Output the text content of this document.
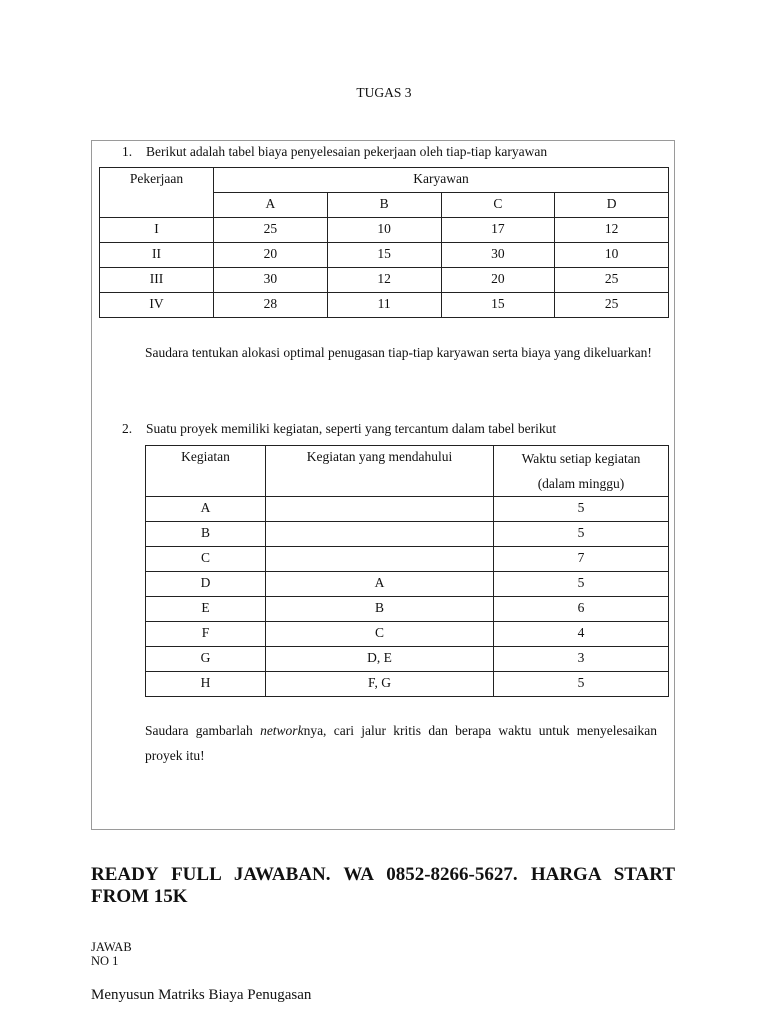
TUGAS 3
1. Berikut adalah tabel biaya penyelesaian pekerjaan oleh tiap-tiap karyawan
Pekerjaan	Karyawan			
	A	B	C	D
I	25	10	17	12
II	20	15	30	10
III	30	12	20	25
IV	28	11	15	25

Saudara tentukan alokasi optimal penugasan tiap-tiap karyawan serta biaya yang dikeluarkan!

2. Suatu proyek memiliki kegiatan, seperti yang tercantum dalam tabel berikut
Kegiatan	Kegiatan yang mendahului	Waktu setiap kegiatan
(dalam minggu)

A		5
B		5
C		7
D	A	5
E	B	6
F	C	4
G	D, E	3
H	F, G	5

Saudara gambarlah networknya, cari jalur kritis dan berapa waktu untuk menyelesaikan proyek itu!

READY FULL JAWABAN. WA 0852-8266-5627. HARGA START FROM 15K
JAWAB
NO 1
Menyusun Matriks Biaya Penugasan
